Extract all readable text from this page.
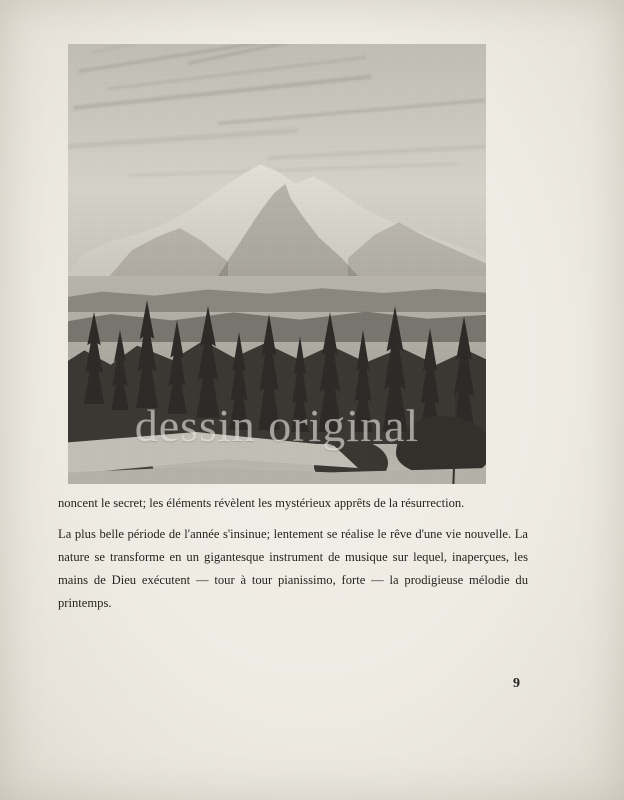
dessin original

noncent le secret; les éléments révèlent les mystérieux apprêts de la résurrection.

La plus belle période de l'année s'insinue; lentement se réalise le rêve d'une vie nouvelle. La nature se transforme en un gigantesque instrument de musique sur lequel, inaperçues, les mains de Dieu exécutent — tour à tour pianissimo, forte — la prodigieuse mélodie du printemps.

9
